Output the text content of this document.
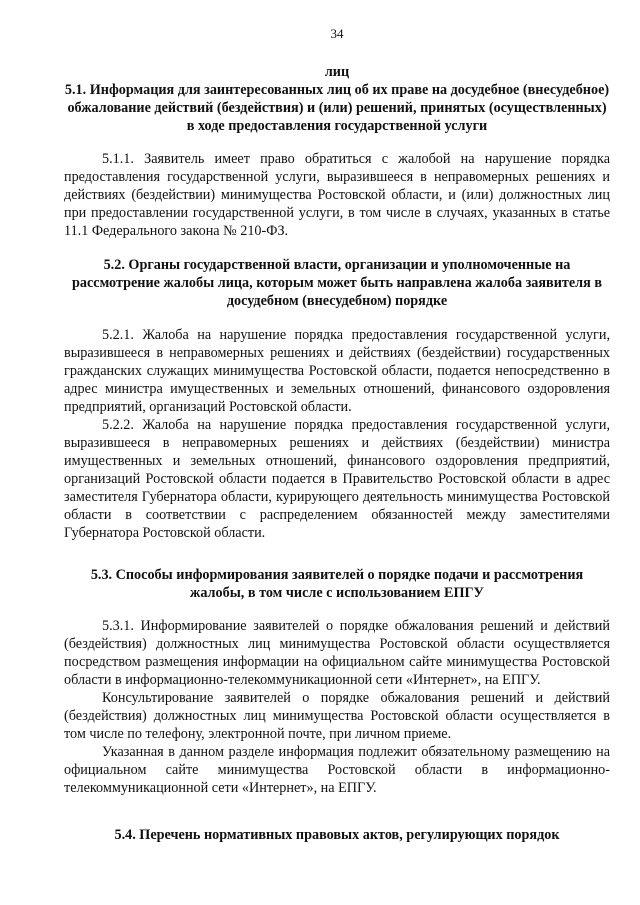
34

лиц

5.1. Информация для заинтересованных лиц об их праве на досудебное (внесудебное) обжалование действий (бездействия) и (или) решений, принятых (осуществленных) в ходе предоставления государственной услуги

5.1.1. Заявитель имеет право обратиться с жалобой на нарушение порядка предоставления государственной услуги, выразившееся в неправомерных решениях и действиях (бездействии) минимущества Ростовской области, и (или) должностных лиц при предоставлении государственной услуги, в том числе в случаях, указанных в статье 11.1 Федерального закона № 210-ФЗ.

5.2. Органы государственной власти, организации и уполномоченные на рассмотрение жалобы лица, которым может быть направлена жалоба заявителя в досудебном (внесудебном) порядке

5.2.1. Жалоба на нарушение порядка предоставления государственной услуги, выразившееся в неправомерных решениях и действиях (бездействии) государственных гражданских служащих минимущества Ростовской области, подается непосредственно в адрес министра имущественных и земельных отношений, финансового оздоровления предприятий, организаций Ростовской области.

5.2.2. Жалоба на нарушение порядка предоставления государственной услуги, выразившееся в неправомерных решениях и действиях (бездействии) министра имущественных и земельных отношений, финансового оздоровления предприятий, организаций Ростовской области подается в Правительство Ростовской области в адрес заместителя Губернатора области, курирующего деятельность минимущества Ростовской области в соответствии с распределением обязанностей между заместителями Губернатора Ростовской области.

5.3. Способы информирования заявителей о порядке подачи и рассмотрения жалобы, в том числе с использованием ЕПГУ

5.3.1. Информирование заявителей о порядке обжалования решений и действий (бездействия) должностных лиц минимущества Ростовской области осуществляется посредством размещения информации на официальном сайте минимущества Ростовской области в информационно-телекоммуникационной сети «Интернет», на ЕПГУ.

Консультирование заявителей о порядке обжалования решений и действий (бездействия) должностных лиц минимущества Ростовской области осуществляется в том числе по телефону, электронной почте, при личном приеме.

Указанная в данном разделе информация подлежит обязательному размещению на официальном сайте минимущества Ростовской области в информационно-телекоммуникационной сети «Интернет», на ЕПГУ.

5.4. Перечень нормативных правовых актов, регулирующих порядок
